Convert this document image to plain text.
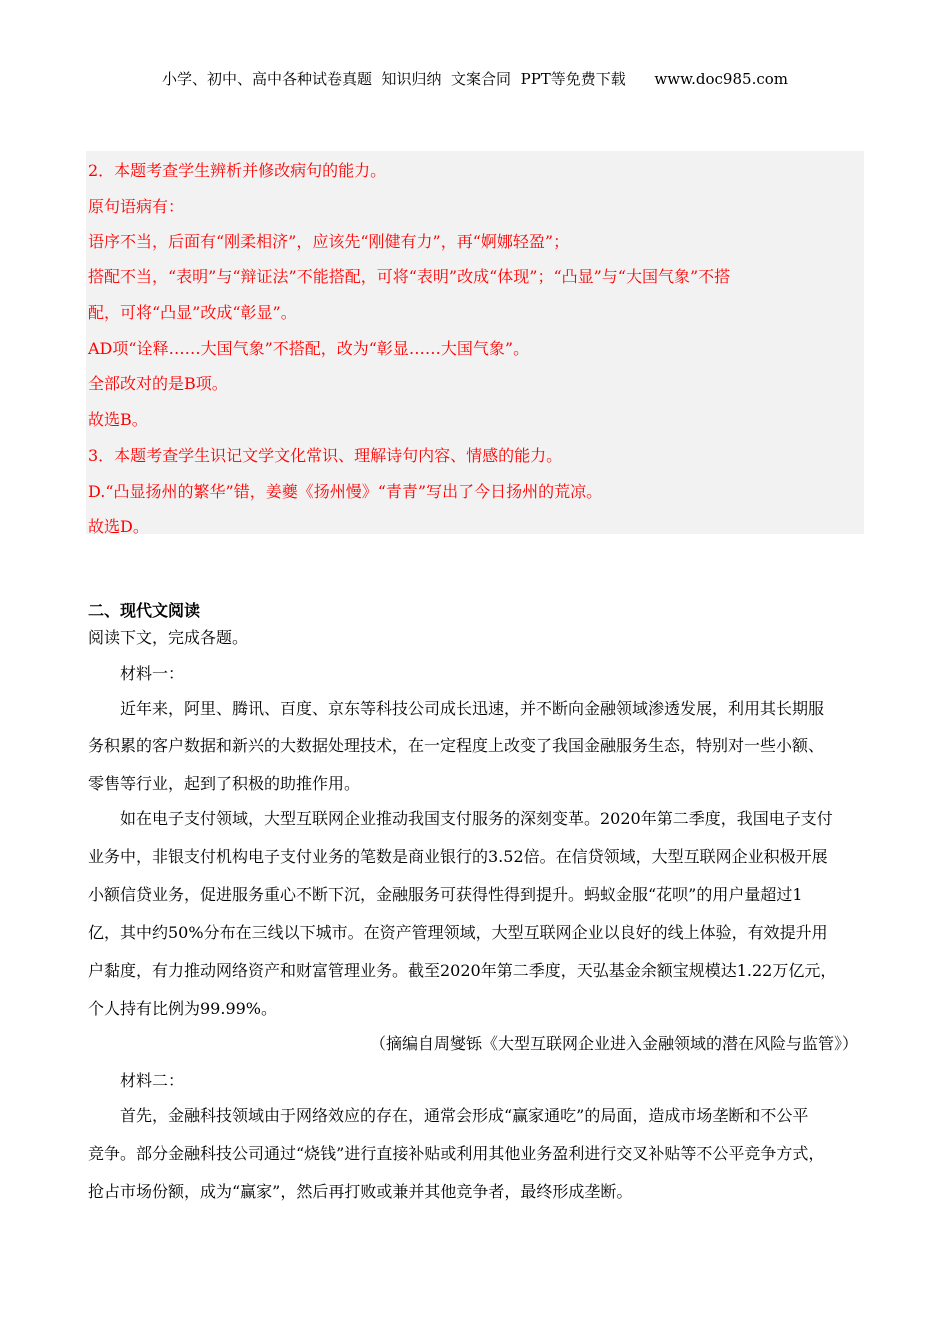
小学、初中、高中各种试卷真题  知识归纳  文案合同  PPT等免费下载      www.doc985.com
2．本题考查学生辨析并修改病句的能力。
原句语病有：
语序不当，后面有“刚柔相济”，应该先“刚健有力”，再“婀娜轻盈”；
搭配不当，“表明”与“辩证法”不能搭配，可将“表明”改成“体现”；“凸显”与“大国气象”不搭
配，可将“凸显”改成“彰显”。
AD项“诠释……大国气象”不搭配，改为“彰显……大国气象”。
全部改对的是B项。
故选B。
3．本题考查学生识记文学文化常识、理解诗句内容、情感的能力。
D.“凸显扬州的繁华”错，姜夔《扬州慢》“青青”写出了今日扬州的荒凉。
故选D。
二、现代文阅读
阅读下文，完成各题。
材料一：
近年来，阿里、腾讯、百度、京东等科技公司成长迅速，并不断向金融领域渗透发展，利用其长期服
务积累的客户数据和新兴的大数据处理技术，在一定程度上改变了我国金融服务生态，特别对一些小额、
零售等行业，起到了积极的助推作用。
如在电子支付领域，大型互联网企业推动我国支付服务的深刻变革。2020年第二季度，我国电子支付
业务中，非银支付机构电子支付业务的笔数是商业银行的3.52倍。在信贷领域，大型互联网企业积极开展
小额信贷业务，促进服务重心不断下沉，金融服务可获得性得到提升。蚂蚁金服“花呗”的用户量超过1
亿，其中约50%分布在三线以下城市。在资产管理领域，大型互联网企业以良好的线上体验，有效提升用
户黏度，有力推动网络资产和财富管理业务。截至2020年第二季度，天弘基金余额宝规模达1.22万亿元，
个人持有比例为99.99%。
（摘编自周燮铄《大型互联网企业进入金融领域的潜在风险与监管》）
材料二：
首先，金融科技领域由于网络效应的存在，通常会形成“赢家通吃”的局面，造成市场垄断和不公平
竞争。部分金融科技公司通过“烧钱”进行直接补贴或利用其他业务盈利进行交叉补贴等不公平竞争方式，
抢占市场份额，成为“赢家”，然后再打败或兼并其他竞争者，最终形成垄断。
